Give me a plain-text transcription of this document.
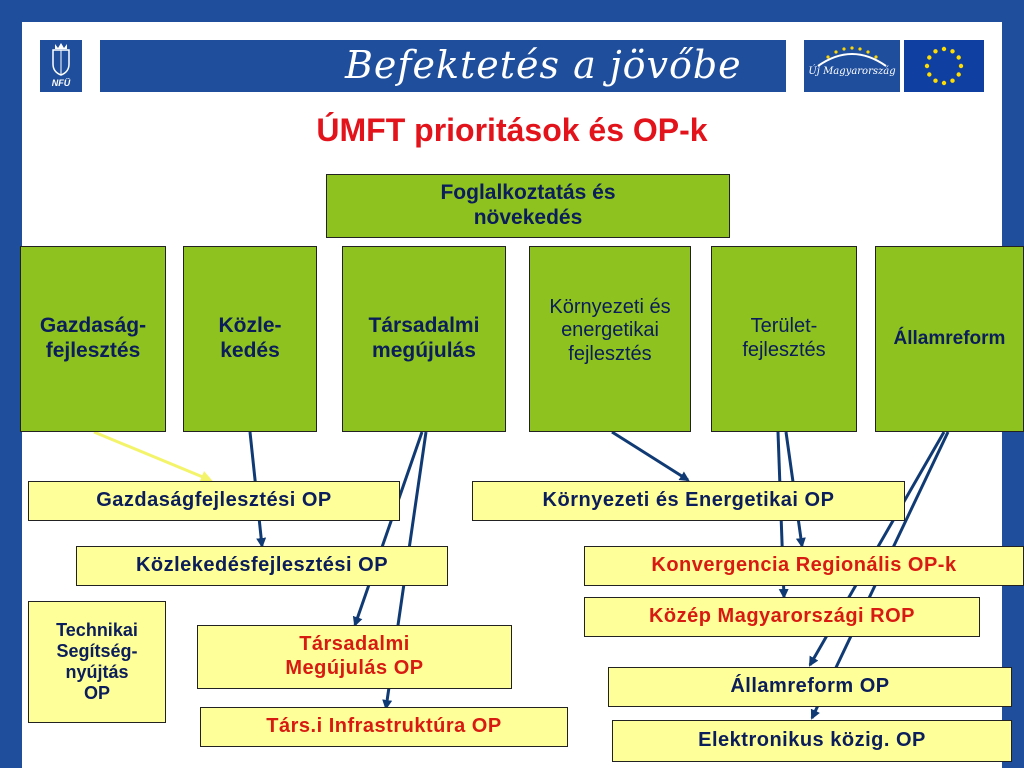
NFÜ	Befektetés a jövőbe	Új Magyarország
ÚMFT prioritások és OP-k
Foglalkoztatás és
növekedés
Gazdaság-
fejlesztés
Közle-
kedés
Társadalmi
megújulás
Környezeti és
energetikai
fejlesztés
Terület-
fejlesztés
Államreform
Gazdaságfejlesztési OP
Közlekedésfejlesztési OP
Technikai
Segítség-
nyújtás
OP
Társadalmi
Megújulás OP
Társ.i Infrastruktúra OP
Környezeti és Energetikai OP
Konvergencia Regionális OP-k
Közép Magyarországi ROP
Államreform OP
Elektronikus közig. OP
